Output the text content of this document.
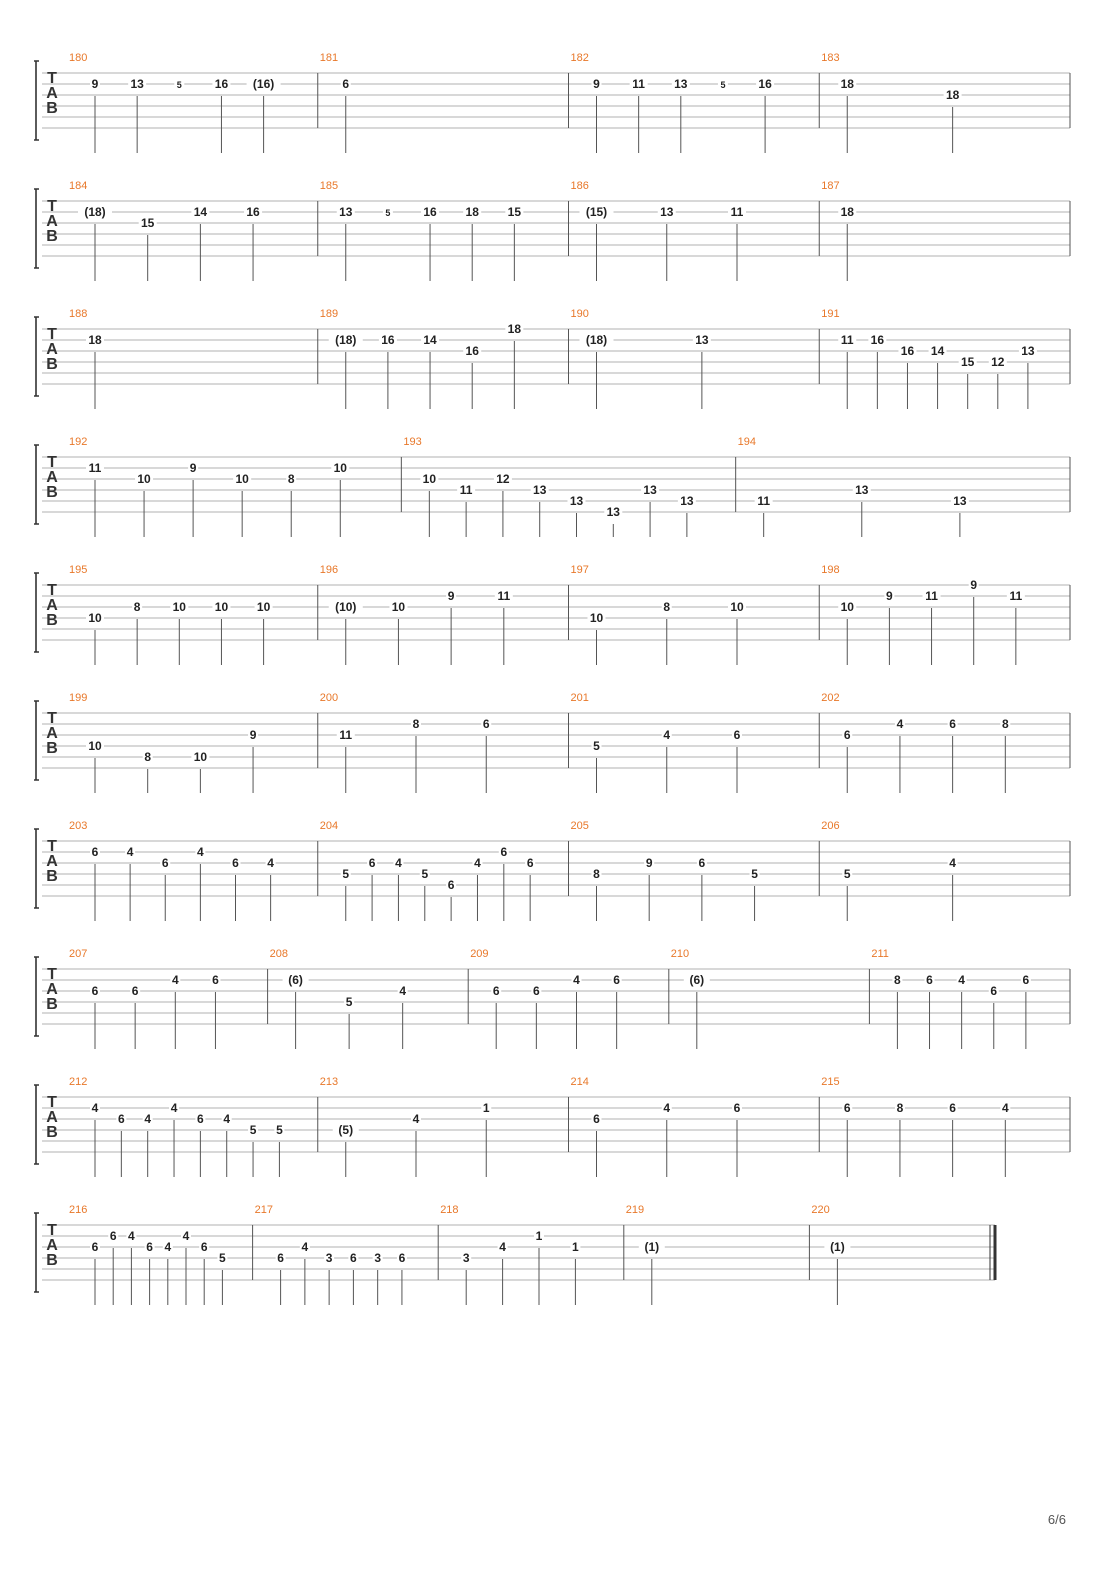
T
A
B
180
9	13	5	16 (16)
181
6
182
9	11 13	5	16
183
18
18
T
A
B
184
(18)
15
14	16
185
13	5	16 18 15
186
(15)	13	11
187
18
T
A
B
188
18
189
(18) 16 14
16
18
190
(18)	13
191
11 16
16 14
15 12
13
T
A
B
192
11
10
9
10	8
10
193
10
11
12
13
13
13
13
13
194
11
13
13
T
A
B
195
10
8	10 10 10
196
(10)	10
9	11
197
10
8	10
198
10
9	11
9
11
T
A
B
199
10
8	10
9
200
11
8	6
201
5
4	6
202
6
4	6	8
T
A
B
203
6 4
6
4
6 4
204
5
6 4
5
6
4
6
6
205
8
9	6
5
206
5
4
T
A
B
207
6	6
4	6
208
(6)
5
4
209
6	6
4	6
210
(6)
211
8 6 4
6
6
T
A
B
212
4
6 4
4
6 4
5 5
213
(5)
4
1
214
6
4	6
215
6	8	6	4
T
A
B
216
6
6 4
6 4
4
6
5
217
6
4
3 6 3 6
218
3
4
1
1
219
(1)
220
(1)
6/6
